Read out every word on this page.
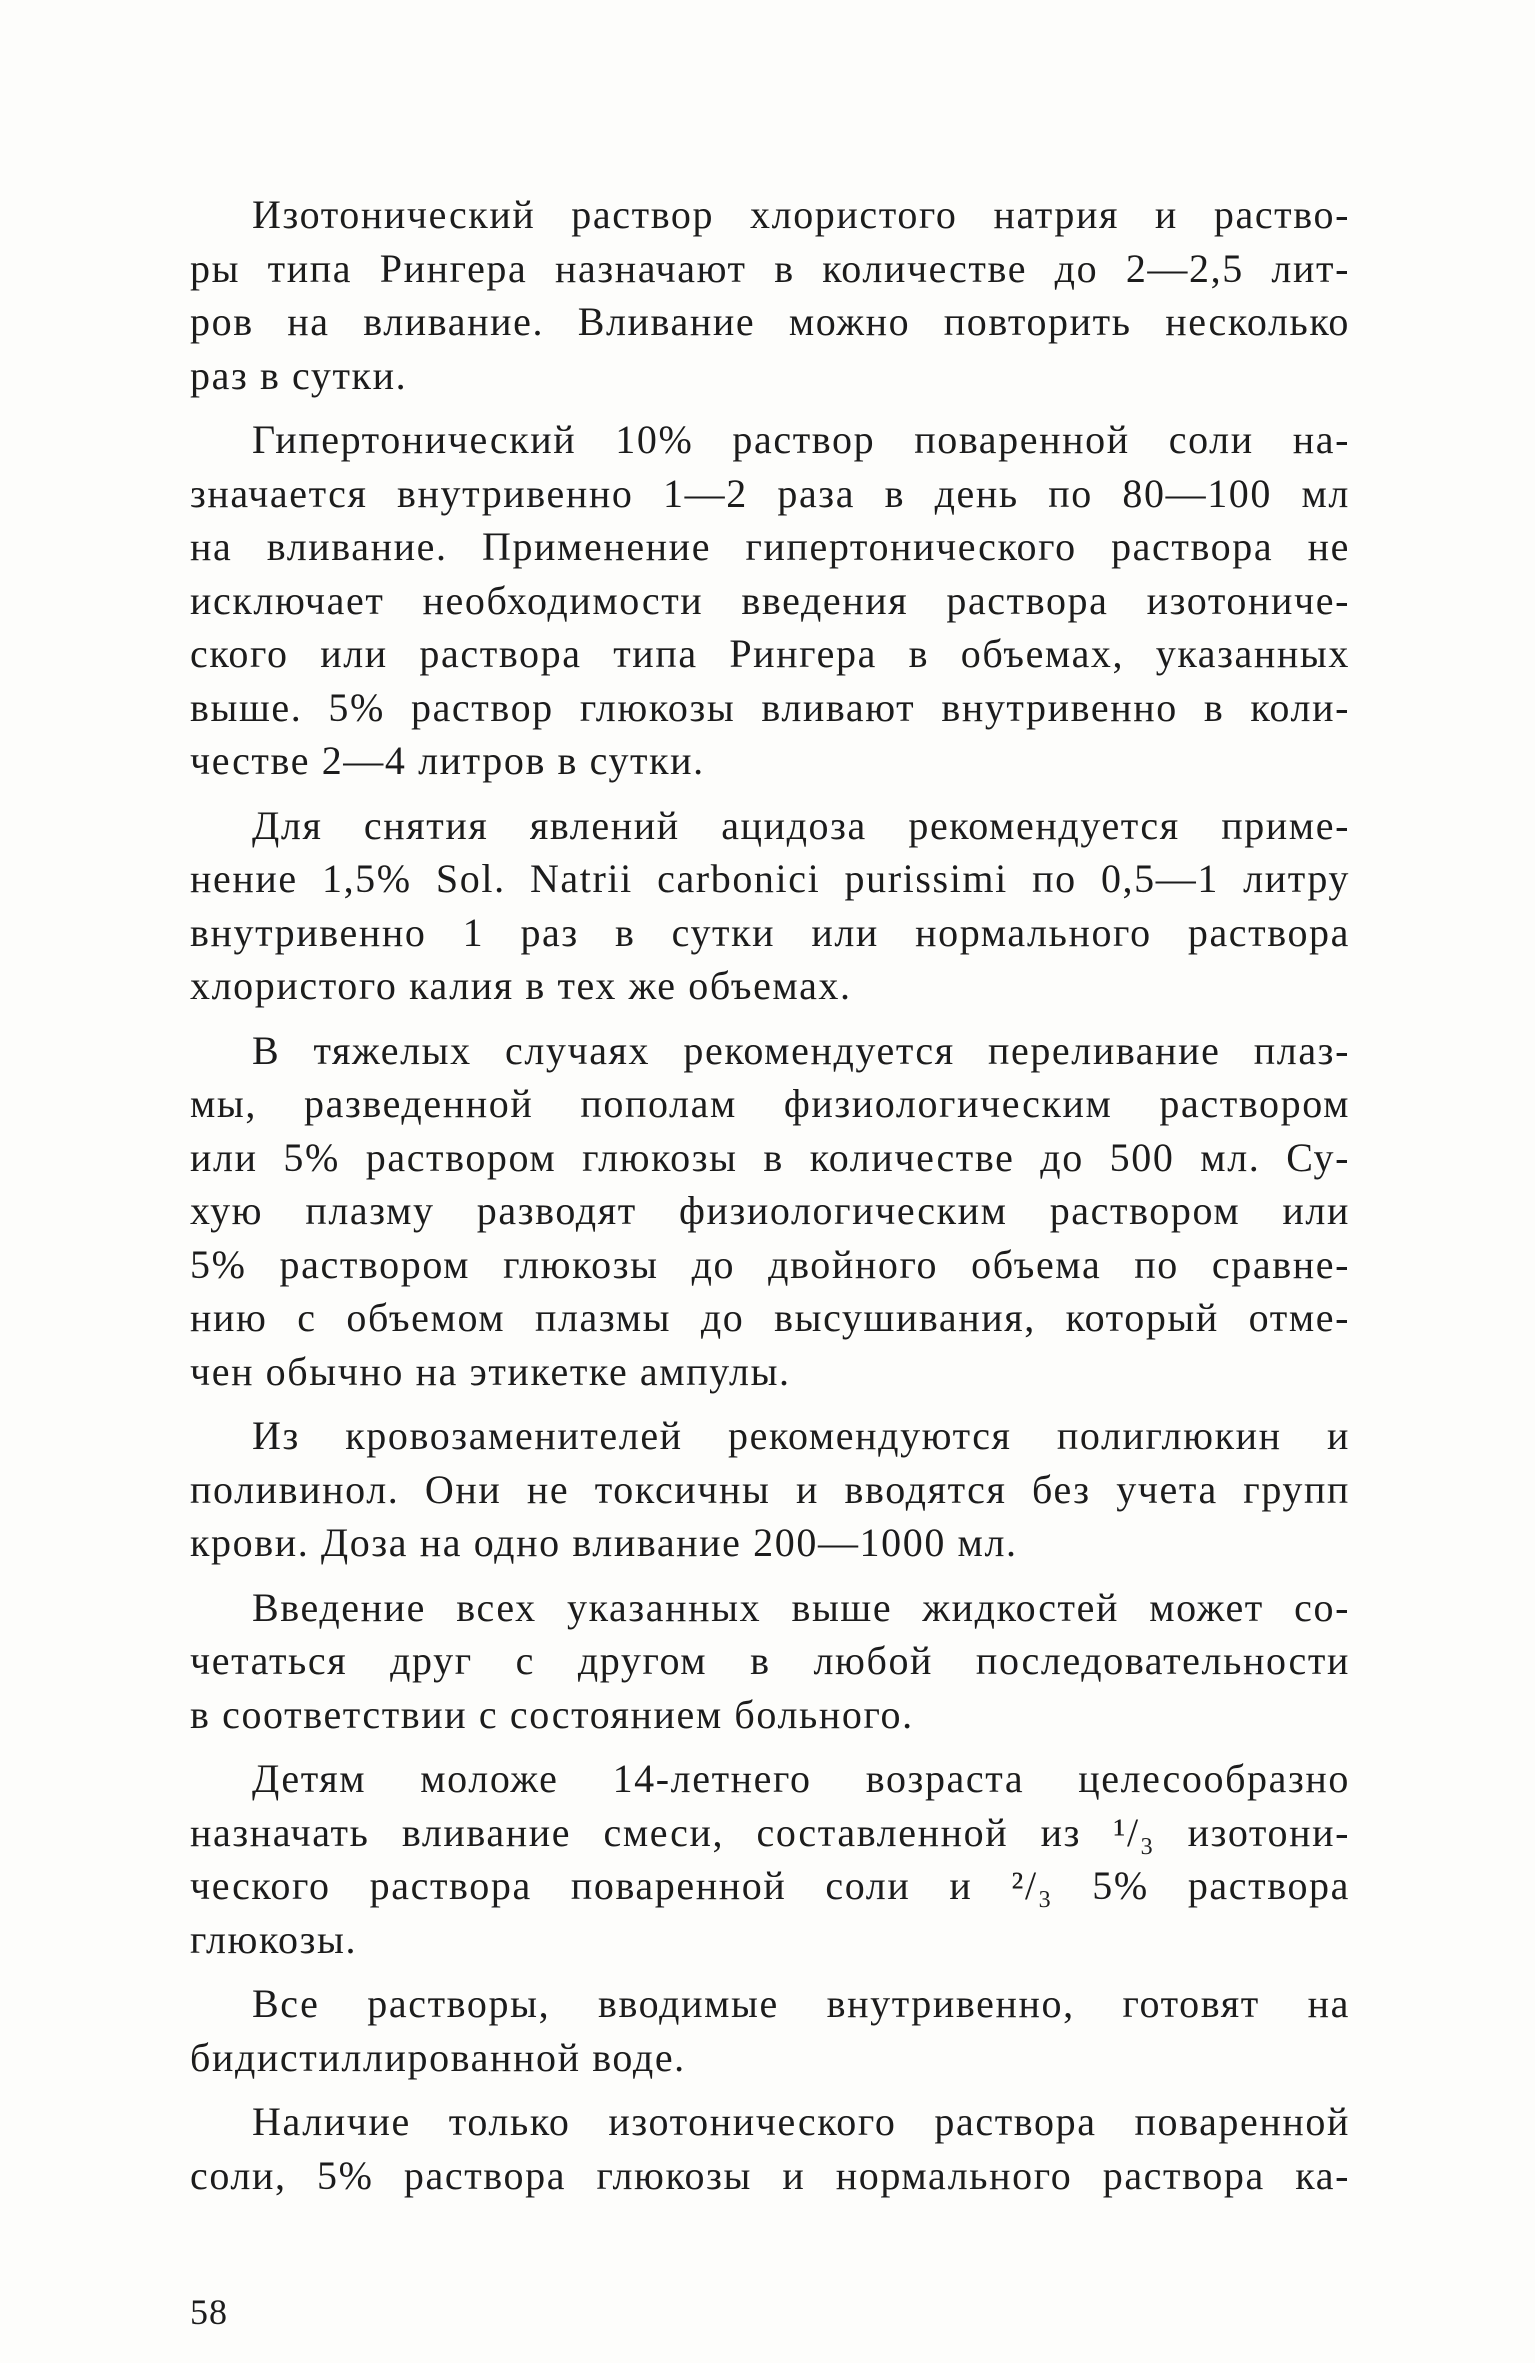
Изотонический раствор хлористого натрия и раство-
ры типа Рингера назначают в количестве до 2—2,5 лит-
ров на вливание. Вливание можно повторить несколько
раз в сутки.

Гипертонический 10% раствор поваренной соли на-
значается внутривенно 1—2 раза в день по 80—100 мл
на вливание. Применение гипертонического раствора не
исключает необходимости введения раствора изотониче-
ского или раствора типа Рингера в объемах, указанных
выше. 5% раствор глюкозы вливают внутривенно в коли-
честве 2—4 литров в сутки.

Для снятия явлений ацидоза рекомендуется приме-
нение 1,5% Sol. Natrii carbonici purissimi по 0,5—1 литру
внутривенно 1 раз в сутки или нормального раствора
хлористого калия в тех же объемах.

В тяжелых случаях рекомендуется переливание плаз-
мы, разведенной пополам физиологическим раствором
или 5% раствором глюкозы в количестве до 500 мл. Су-
хую плазму разводят физиологическим раствором или
5% раствором глюкозы до двойного объема по сравне-
нию с объемом плазмы до высушивания, который отме-
чен обычно на этикетке ампулы.

Из кровозаменителей рекомендуются полиглюкин и
поливинол. Они не токсичны и вводятся без учета групп
крови. Доза на одно вливание 200—1000 мл.

Введение всех указанных выше жидкостей может со-
четаться друг с другом в любой последовательности
в соответствии с состоянием больного.

Детям моложе 14-летнего возраста целесообразно
назначать вливание смеси, составленной из ¹/₃ изотони-
ческого раствора поваренной соли и ²/₃ 5% раствора
глюкозы.

Все растворы, вводимые внутривенно, готовят на
бидистиллированной воде.

Наличие только изотонического раствора поваренной
соли, 5% раствора глюкозы и нормального раствора ка-

58
